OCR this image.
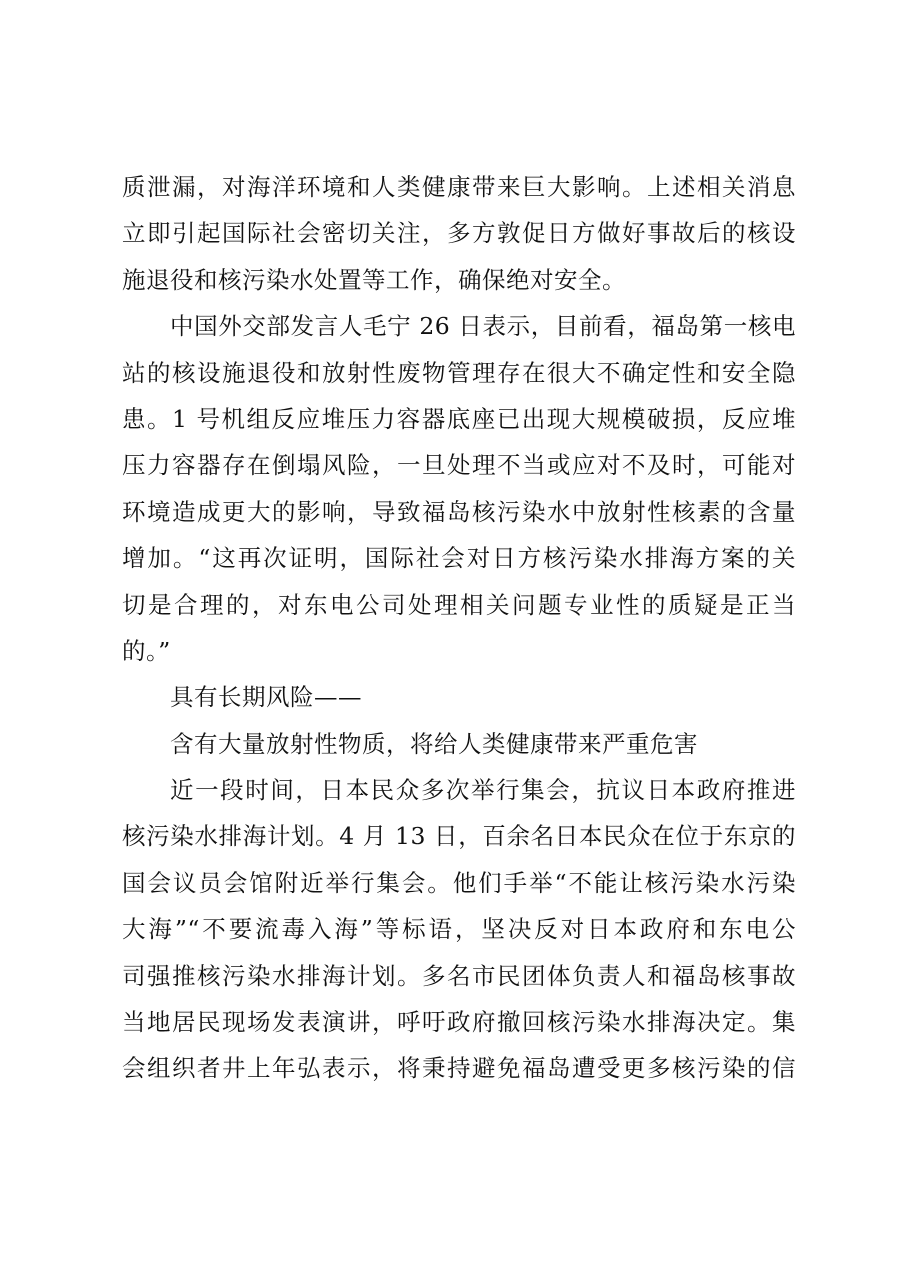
质泄漏，对海洋环境和人类健康带来巨大影响。上述相关消息
立即引起国际社会密切关注，多方敦促日方做好事故后的核设
施退役和核污染水处置等工作，确保绝对安全。
中国外交部发言人毛宁 26 日表示，目前看，福岛第一核电
站的核设施退役和放射性废物管理存在很大不确定性和安全隐
患。1 号机组反应堆压力容器底座已出现大规模破损，反应堆
压力容器存在倒塌风险，一旦处理不当或应对不及时，可能对
环境造成更大的影响，导致福岛核污染水中放射性核素的含量
增加。“这再次证明，国际社会对日方核污染水排海方案的关
切是合理的，对东电公司处理相关问题专业性的质疑是正当
的。”
具有长期风险——
含有大量放射性物质，将给人类健康带来严重危害
近一段时间，日本民众多次举行集会，抗议日本政府推进
核污染水排海计划。4 月 13 日，百余名日本民众在位于东京的
国会议员会馆附近举行集会。他们手举“不能让核污染水污染
大海”“不要流毒入海”等标语，坚决反对日本政府和东电公
司强推核污染水排海计划。多名市民团体负责人和福岛核事故
当地居民现场发表演讲，呼吁政府撤回核污染水排海决定。集
会组织者井上年弘表示，将秉持避免福岛遭受更多核污染的信
